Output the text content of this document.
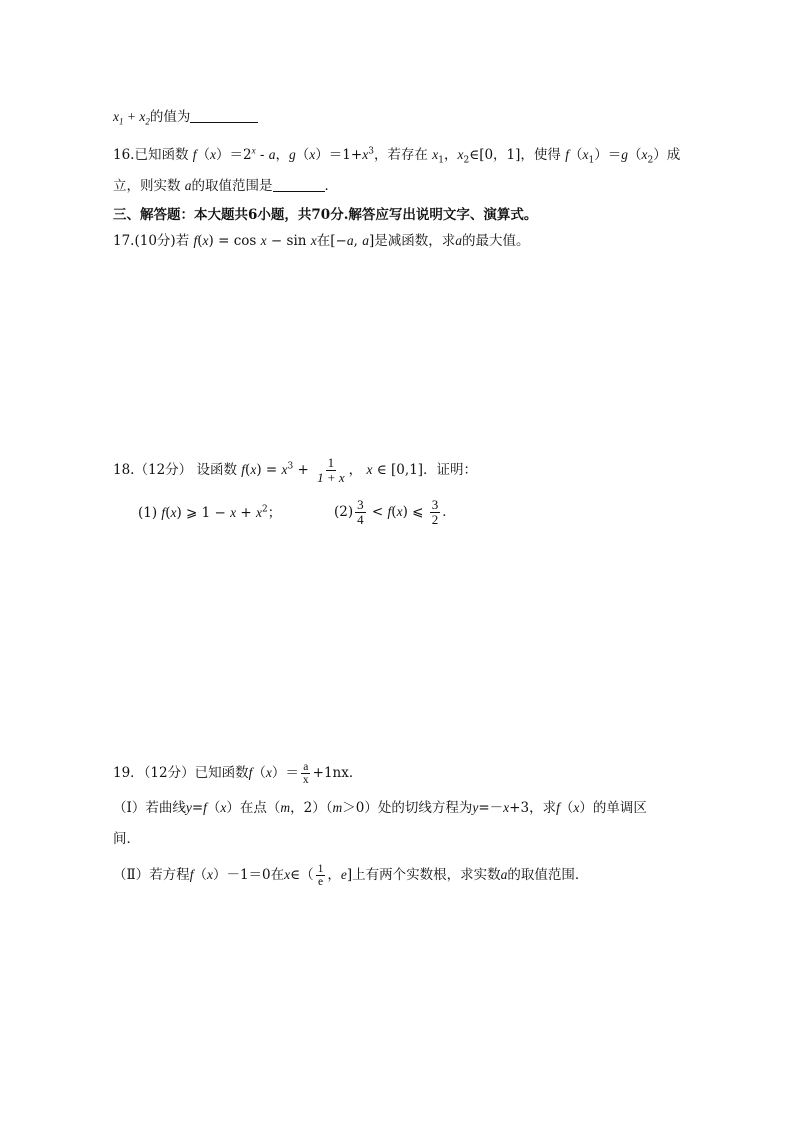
$x_1 + x_2$的值为
16.已知函数 $f(x)=2^x - a$，$g(x)=1+x^3$，若存在 $x_1$，$x_2\in[0$，1]，使得 $f(x_1)=g(x_2)$成
立，则实数 a的取值范围是	．
三、解答题：本大题共6小题，共70分.解答应写出说明文字、演算式。
17.(10分)若 f(x) = cos x − sin x在[−a, a]是减函数，求a的最大值。
18.（12分） 设函数 $f(x) = x^3 + \frac{1}{1 + x}$ ， x ∈ [0,1]．证明：
(1) f(x) ⩾ $1 - x + x^2$；	$(2) \frac{3}{4} < f(x)$ ⩽ $\frac{3}{2}$ ．
19．（12分）已知函数$f(x)= \frac{a}{x} +1nx$．
（Ⅰ）若曲线y=f（x）在点（m，2）（m＞0）处的切线方程为y=－x+3，求f（x）的单调区
间．
（Ⅱ）若方程f（x）－1＝0在x∈（ $\frac{1}{e}$ ，e]上有两个实数根，求实数a的取值范围．
